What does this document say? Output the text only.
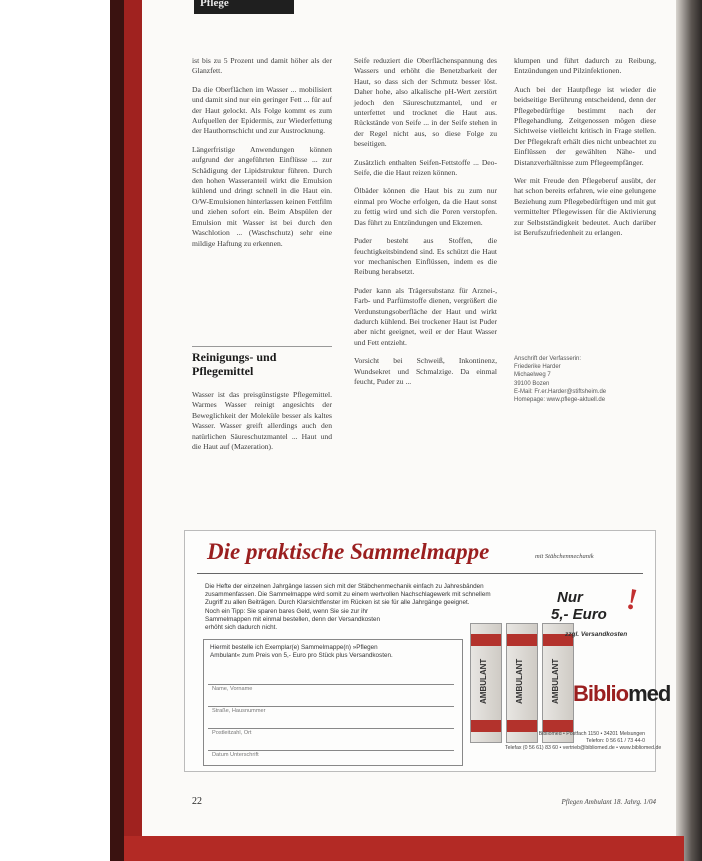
Pflege

ist bis zu 5 Prozent und damit höher als der Glanzfett.

Da die Oberflächen im Wasser ... mobilisiert und damit sind nur ein geringer Fett ... für auf der Haut gelockt. Als Folge kommt es zum Aufquellen der Epidermis, zur Wiederfettung der Hauthornschicht und zur Austrocknung.

Längerfristige Anwendungen können aufgrund der angeführten Einflüsse ... zur Schädigung der Lipidstruktur führen. Durch den hohen Wasseranteil wirkt die Emulsion kühlend und dringt schnell in die Haut ein. O/W-Emulsionen hinterlassen keinen Fettfilm und ziehen sofort ein. Beim Abspülen der Emulsion mit Wasser ist bei durch den Waschlotion ... (Waschschutz) sehr eine mildige Haftung zu erkennen.

Reinigungs- und Pflegemittel
Wasser ist das preisgünstigste Pflegemittel. Warmes Wasser reinigt angesichts der Beweglichkeit der Moleküle besser als kaltes Wasser. Wasser greift allerdings auch den natürlichen Säureschutzmantel ... Haut und die Haut auf (Mazeration).

Seife reduziert die Oberflächenspannung des Wassers und erhöht die Benetzbarkeit der Haut, so dass sich der Schmutz besser löst. Daher hohe, also alkalische pH-Wert zerstört jedoch den Säureschutzmantel, und er unterfettet und trocknet die Haut aus. Rückstände von Seife ... in der Seife stehen in der Regel nicht aus, so diese Folge zu beseitigen.

Zusätzlich enthalten Seifen-Fettstoffe ... Deo-Seife, die die Haut reizen können.

Ölbäder können die Haut bis zu zum nur einmal pro Woche erfolgen, da die Haut sonst zu fettig wird und sich die Poren verstopfen. Das führt zu Entzündungen und Ekzemen.

Puder besteht aus Stoffen, die feuchtigkeitsbindend sind. Es schützt die Haut vor mechanischen Einflüssen, indem es die Reibung herabsetzt.

Puder kann als Trägersubstanz für Arznei-, Farb- und Parfümstoffe dienen, vergrößert die Verdunstungsoberfläche der Haut und wirkt dadurch kühlend. Bei trockener Haut ist Puder aber nicht geeignet, weil er der Haut Wasser und Fett entzieht.

Vorsicht bei Schweiß, Inkontinenz, Wundsekret und Schmalzige. Da einmal feucht, Puder zu ...

klumpen und führt dadurch zu Reibung, Entzündungen und Pilzinfektionen.

Auch bei der Hautpflege ist wieder die beidseitige Berührung entscheidend, denn der Pflegebedürftige bestimmt nach der Pflegehandlung. Zeitgenossen mögen diese Sichtweise vielleicht kritisch in Frage stellen. Der Pflegekraft erhält dies nicht unbeachtet zu Einflüssen der gewählten Nähe- und Distanzverhältnisse zum Pflegeempfänger.

Wer mit Freude den Pflegeberuf ausübt, der hat schon bereits erfahren, wie eine gelungene Beziehung zum Pflegebedürftigen und mit gut vermittelter Pflegewissen für die Aktivierung zur Selbstständigkeit bedeutet. Auch darüber ist Berufszufriedenheit zu erlangen.

Anschrift der Verfasserin:
Friederike Harder
Michaelweg 7
39100 Bozen
E-Mail: Fr.er.Harder@stiftsheim.de
Homepage: www.pflege-aktuell.de
Die praktische Sammelmappe	mit Stäbchenmechanik
Die Hefte der einzelnen Jahrgänge lassen sich mit der Stäbchenmechanik einfach zu Jahresbänden
zusammenfassen. Die Sammelmappe wird somit zu einem wertvollen Nachschlagewerk mit schnellem
Zugriff zu allen Beiträgen. Durch Klarsichtfenster im Rücken ist sie für alle Jahrgänge geeignet.
Noch ein Tipp: Sie sparen bares Geld, wenn Sie sie zur ihr
Sammelmappen mit einmal bestellen, denn der Versandkosten
erhöht sich dadurch nicht.
Hiermit bestelle ich Exemplar(e) Sammelmappe(n) »Pflegen
Ambulant« zum Preis von 5,- Euro pro Stück plus Versandkosten.
Name, Vorname
Straße, Hausnummer
Postleitzahl, Ort
Datum Unterschrift
AMBULANT	AMBULANT	AMBULANT
Nur
5,- Euro !
zzgl. Versandkosten
Bibliomed
Bibliomed • Postfach 1150 • 34201 Melsungen
Telefon: 0 56 61 / 73 44-0
Telefax (0 56 61) 83 60 • vertrieb@bibliomed.de • www.bibliomed.de
22	Pflegen Ambulant 18. Jahrg. 1/04
